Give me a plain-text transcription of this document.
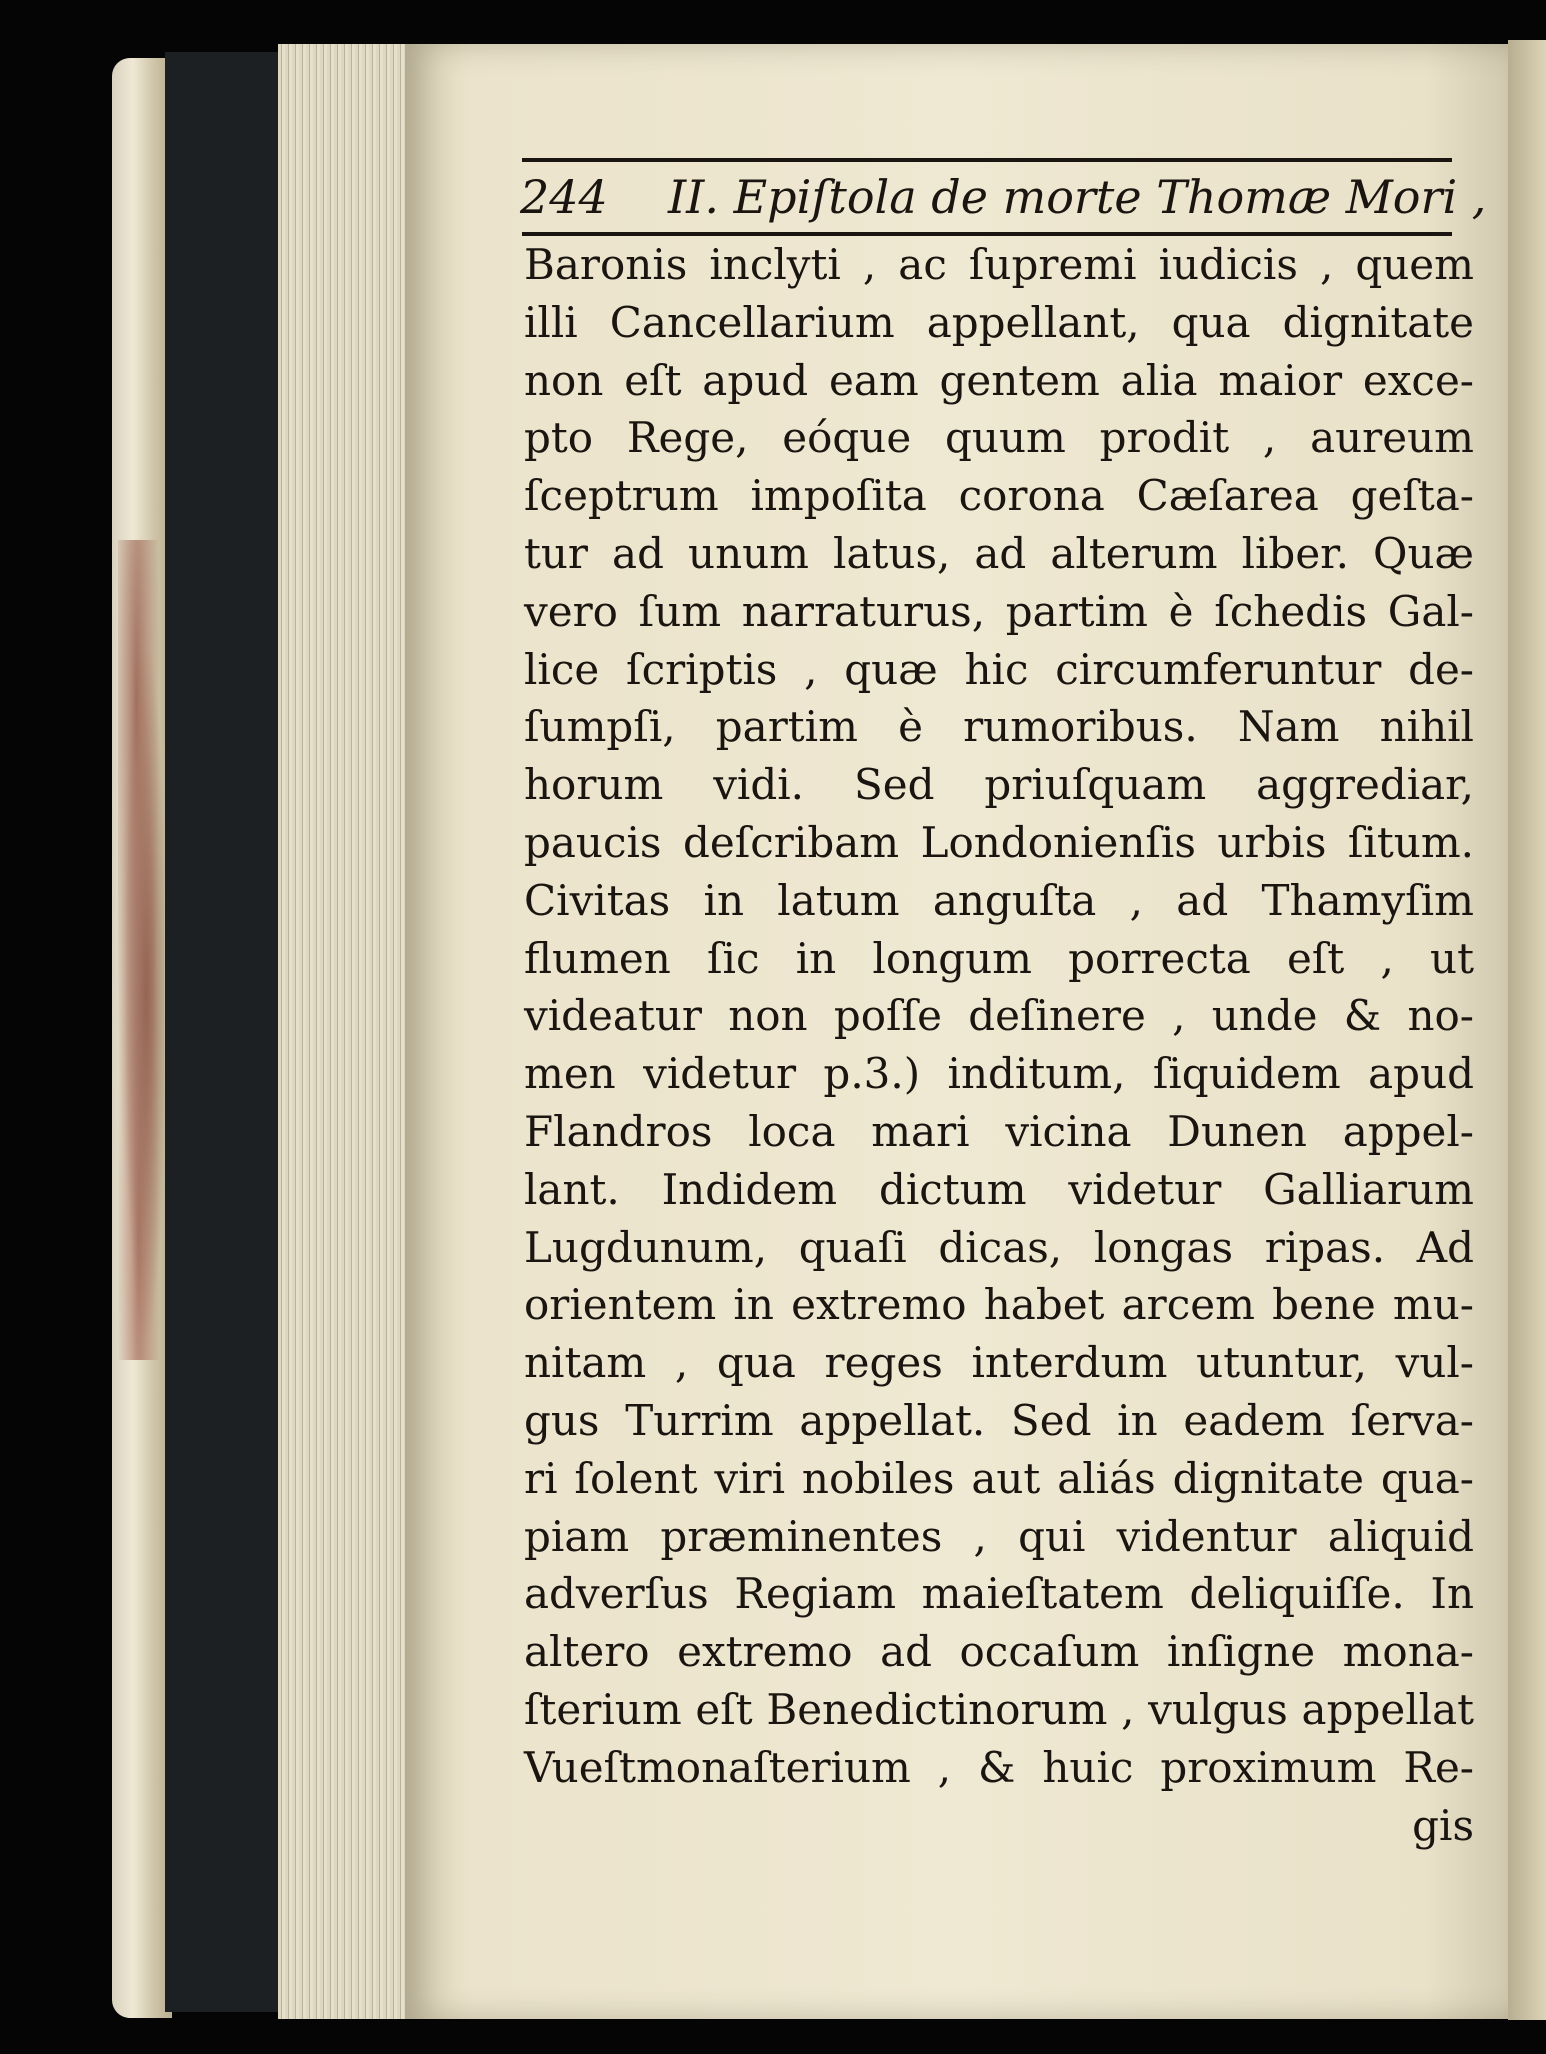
244 II. Epiſtola de morte Thomæ Mori ,
Baronis inclyti , ac ſupremi iudicis , quem
illi Cancellarium appellant, qua dignitate
non eſt apud eam gentem alia maior exce-
pto Rege, eóque quum prodit , aureum
ſceptrum impoſita corona Cæſarea geſta-
tur ad unum latus, ad alterum liber. Quæ
vero ſum narraturus, partim è ſchedis Gal-
lice ſcriptis , quæ hic circumferuntur de-
ſumpſi, partim è rumoribus. Nam nihil
horum vidi. Sed priuſquam aggrediar,
paucis deſcribam Londonienſis urbis ſitum.
Civitas in latum anguſta , ad Thamyſim
flumen ſic in longum porrecta eſt , ut
videatur non poſſe deſinere , unde & no-
men videtur p.3.) inditum, ſiquidem apud
Flandros loca mari vicina Dunen appel-
lant. Indidem dictum videtur Galliarum
Lugdunum, quaſi dicas, longas ripas. Ad
orientem in extremo habet arcem bene mu-
nitam , qua reges interdum utuntur, vul-
gus Turrim appellat. Sed in eadem ſerva-
ri ſolent viri nobiles aut aliás dignitate qua-
piam præminentes , qui videntur aliquid
adverſus Regiam maieſtatem deliquiſſe. In
altero extremo ad occaſum inſigne mona-
ſterium eſt Benedictinorum , vulgus appellat
Vueſtmonaſterium , & huic proximum Re-
gis
